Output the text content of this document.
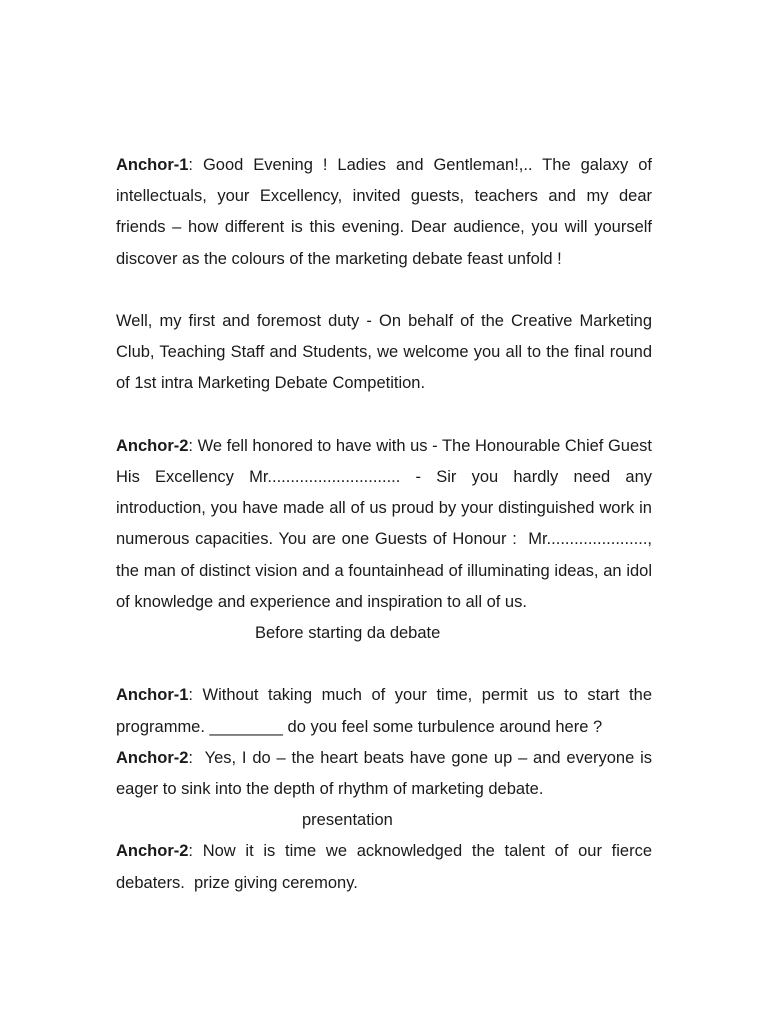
Anchor-1: Good Evening ! Ladies and Gentleman!,.. The galaxy of intellectuals, your Excellency, invited guests, teachers and my dear friends – how different is this evening. Dear audience, you will yourself discover as the colours of the marketing debate feast unfold !

Well, my first and foremost duty - On behalf of the Creative Marketing Club, Teaching Staff and Students, we welcome you all to the final round of 1st intra Marketing Debate Competition.

Anchor-2: We fell honored to have with us - The Honourable Chief Guest His Excellency Mr............................. - Sir you hardly need any introduction, you have made all of us proud by your distinguished work in numerous capacities. You are one Guests of Honour :  Mr......................, the man of distinct vision and a fountainhead of illuminating ideas, an idol of knowledge and experience and inspiration to all of us.

Before starting da debate

Anchor-1: Without taking much of your time, permit us to start the programme. ________ do you feel some turbulence around here ?

Anchor-2:  Yes, I do – the heart beats have gone up – and everyone is eager to sink into the depth of rhythm of marketing debate.

presentation

Anchor-2: Now it is time we acknowledged the talent of our fierce debaters.  prize giving ceremony.
